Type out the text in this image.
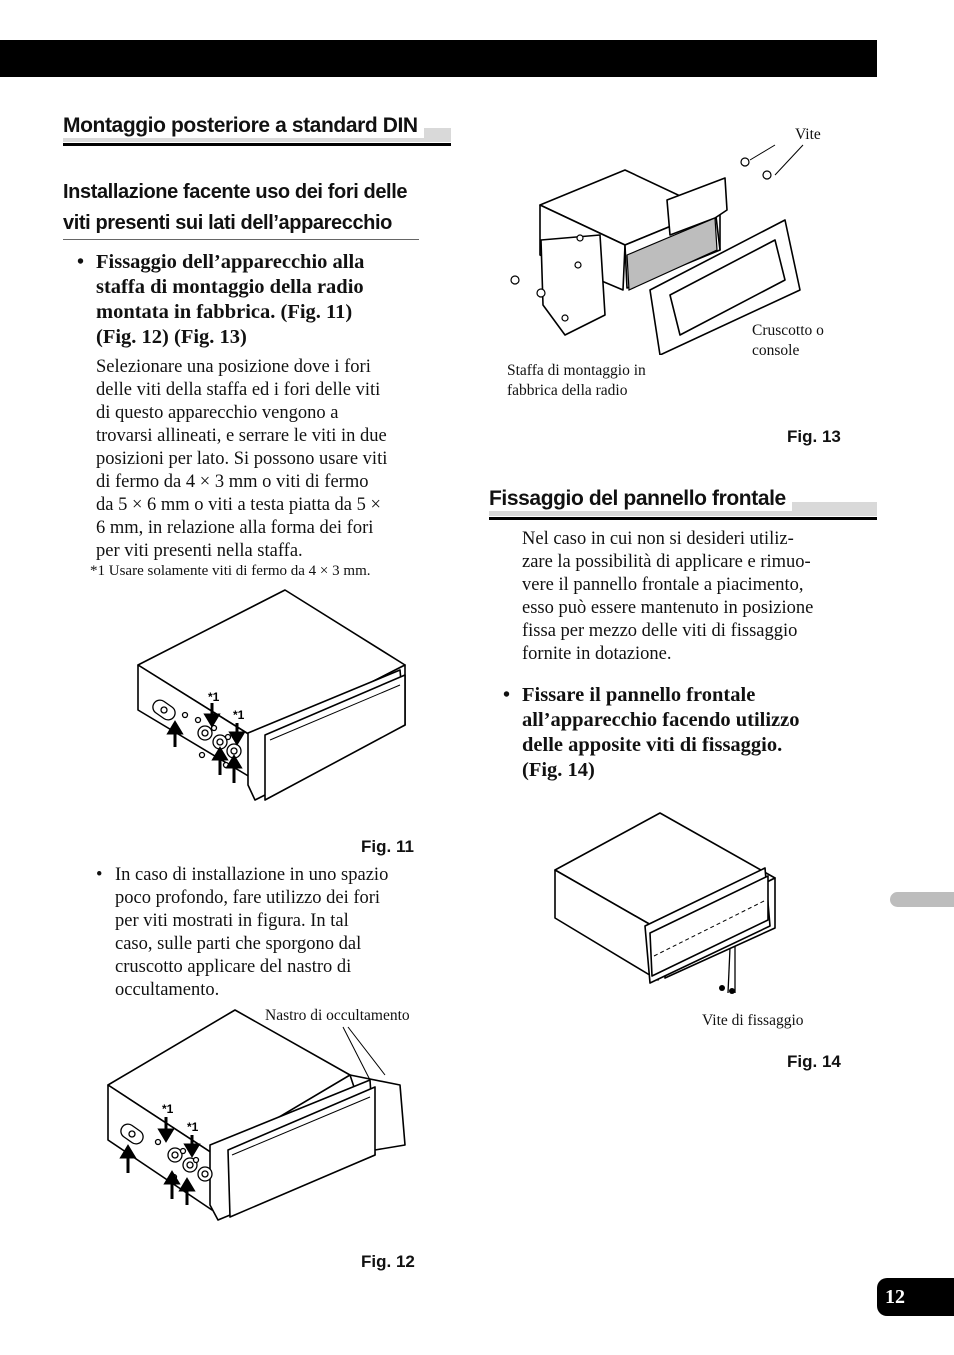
Montaggio posteriore a standard DIN
Installazione facente uso dei fori delle
viti presenti sui lati dell’apparecchio
• Fissaggio dell’apparecchio alla
staffa di montaggio della radio
montata in fabbrica. (Fig. 11)
(Fig. 12) (Fig. 13)
Selezionare una posizione dove i fori
delle viti della staffa ed i fori delle viti
di questo apparecchio vengono a
trovarsi allineati, e serrare le viti in due
posizioni per lato. Si possono usare viti
di fermo da 4 × 3 mm o viti di fermo
da 5 × 6 mm o viti a testa piatta da 5 ×
6 mm, in relazione alla forma dei fori
per viti presenti nella staffa.
*1 Usare solamente viti di fermo da 4 × 3 mm.
*1
*1
Fig. 11
• In caso di installazione in uno spazio
poco profondo, fare utilizzo dei fori
per viti mostrati in figura. In tal
caso, sulle parti che sporgono dal
cruscotto applicare del nastro di
occultamento.
Nastro di occultamento
*1
*1
Fig. 12
Vite
Cruscotto o
console
Staffa di montaggio in
fabbrica della radio
Fig. 13
Fissaggio del pannello frontale
Nel caso in cui non si desideri utiliz-
zare la possibilità di applicare e rimuo-
vere il pannello frontale a piacimento,
esso può essere mantenuto in posizione
fissa per mezzo delle viti di fissaggio
fornite in dotazione.
• Fissare il pannello frontale
all’apparecchio facendo utilizzo
delle apposite viti di fissaggio.
(Fig. 14)
Vite di fissaggio
Fig. 14
12
